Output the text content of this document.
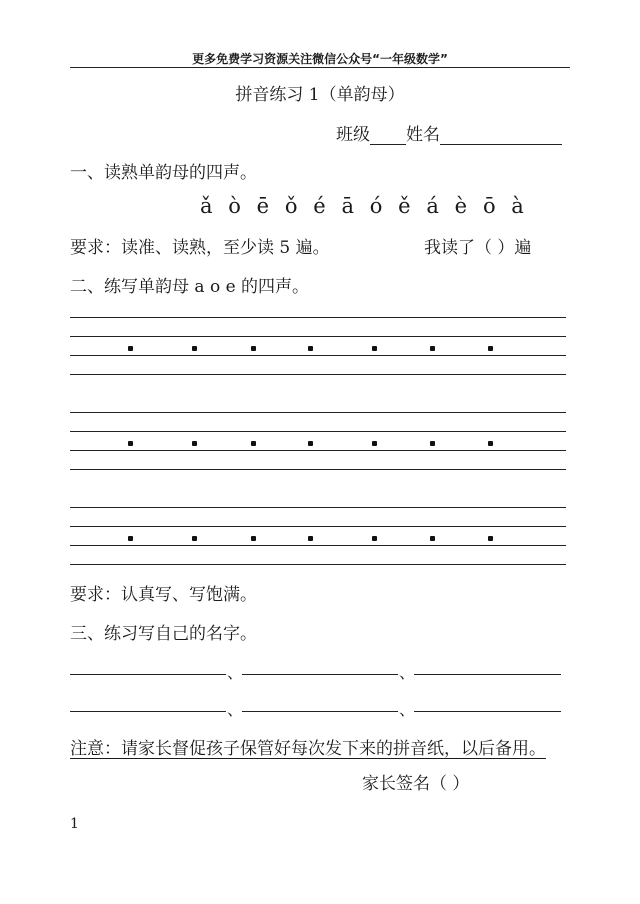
更多免费学习资源关注微信公众号“一年级数学”
拼音练习 1（单韵母）
班级 姓名
一、读熟单韵母的四声。
ǎ ò ē ǒ é ā ó ě á è ō à
要求：读准、读熟，至少读 5 遍。	我读了（ ）遍
二、练写单韵母 a o e 的四声。
要求：认真写、写饱满。
三、练习写自己的名字。
、	、
、	、
注意：请家长督促孩子保管好每次发下来的拼音纸，以后备用。
家长签名（ ）
1
